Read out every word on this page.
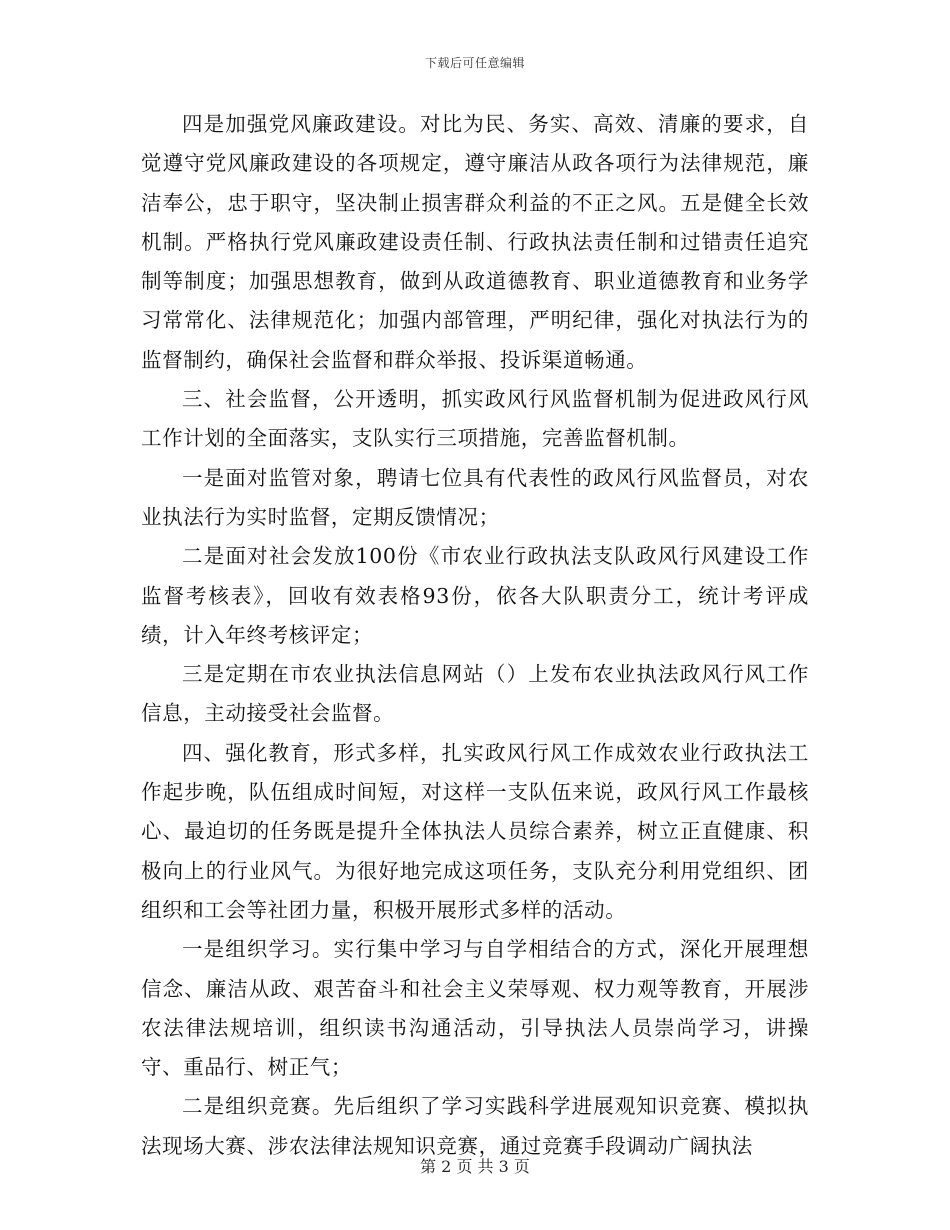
下载后可任意编辑

四是加强党风廉政建设。对比为民、务实、高效、清廉的要求，自觉遵守党风廉政建设的各项规定，遵守廉洁从政各项行为法律规范，廉洁奉公，忠于职守，坚决制止损害群众利益的不正之风。五是健全长效机制。严格执行党风廉政建设责任制、行政执法责任制和过错责任追究制等制度；加强思想教育，做到从政道德教育、职业道德教育和业务学习常常化、法律规范化；加强内部管理，严明纪律，强化对执法行为的监督制约，确保社会监督和群众举报、投诉渠道畅通。

三、社会监督，公开透明，抓实政风行风监督机制为促进政风行风工作计划的全面落实，支队实行三项措施，完善监督机制。

一是面对监管对象，聘请七位具有代表性的政风行风监督员，对农业执法行为实时监督，定期反馈情况；

二是面对社会发放100份《市农业行政执法支队政风行风建设工作监督考核表》，回收有效表格93份，依各大队职责分工，统计考评成绩，计入年终考核评定；

三是定期在市农业执法信息网站（）上发布农业执法政风行风工作信息，主动接受社会监督。

四、强化教育，形式多样，扎实政风行风工作成效农业行政执法工作起步晚，队伍组成时间短，对这样一支队伍来说，政风行风工作最核心、最迫切的任务既是提升全体执法人员综合素养，树立正直健康、积极向上的行业风气。为很好地完成这项任务，支队充分利用党组织、团组织和工会等社团力量，积极开展形式多样的活动。

一是组织学习。实行集中学习与自学相结合的方式，深化开展理想信念、廉洁从政、艰苦奋斗和社会主义荣辱观、权力观等教育，开展涉农法律法规培训，组织读书沟通活动，引导执法人员崇尚学习，讲操守、重品行、树正气；

二是组织竞赛。先后组织了学习实践科学进展观知识竞赛、模拟执法现场大赛、涉农法律法规知识竞赛，通过竞赛手段调动广阔执法

第 2 页 共 3 页
